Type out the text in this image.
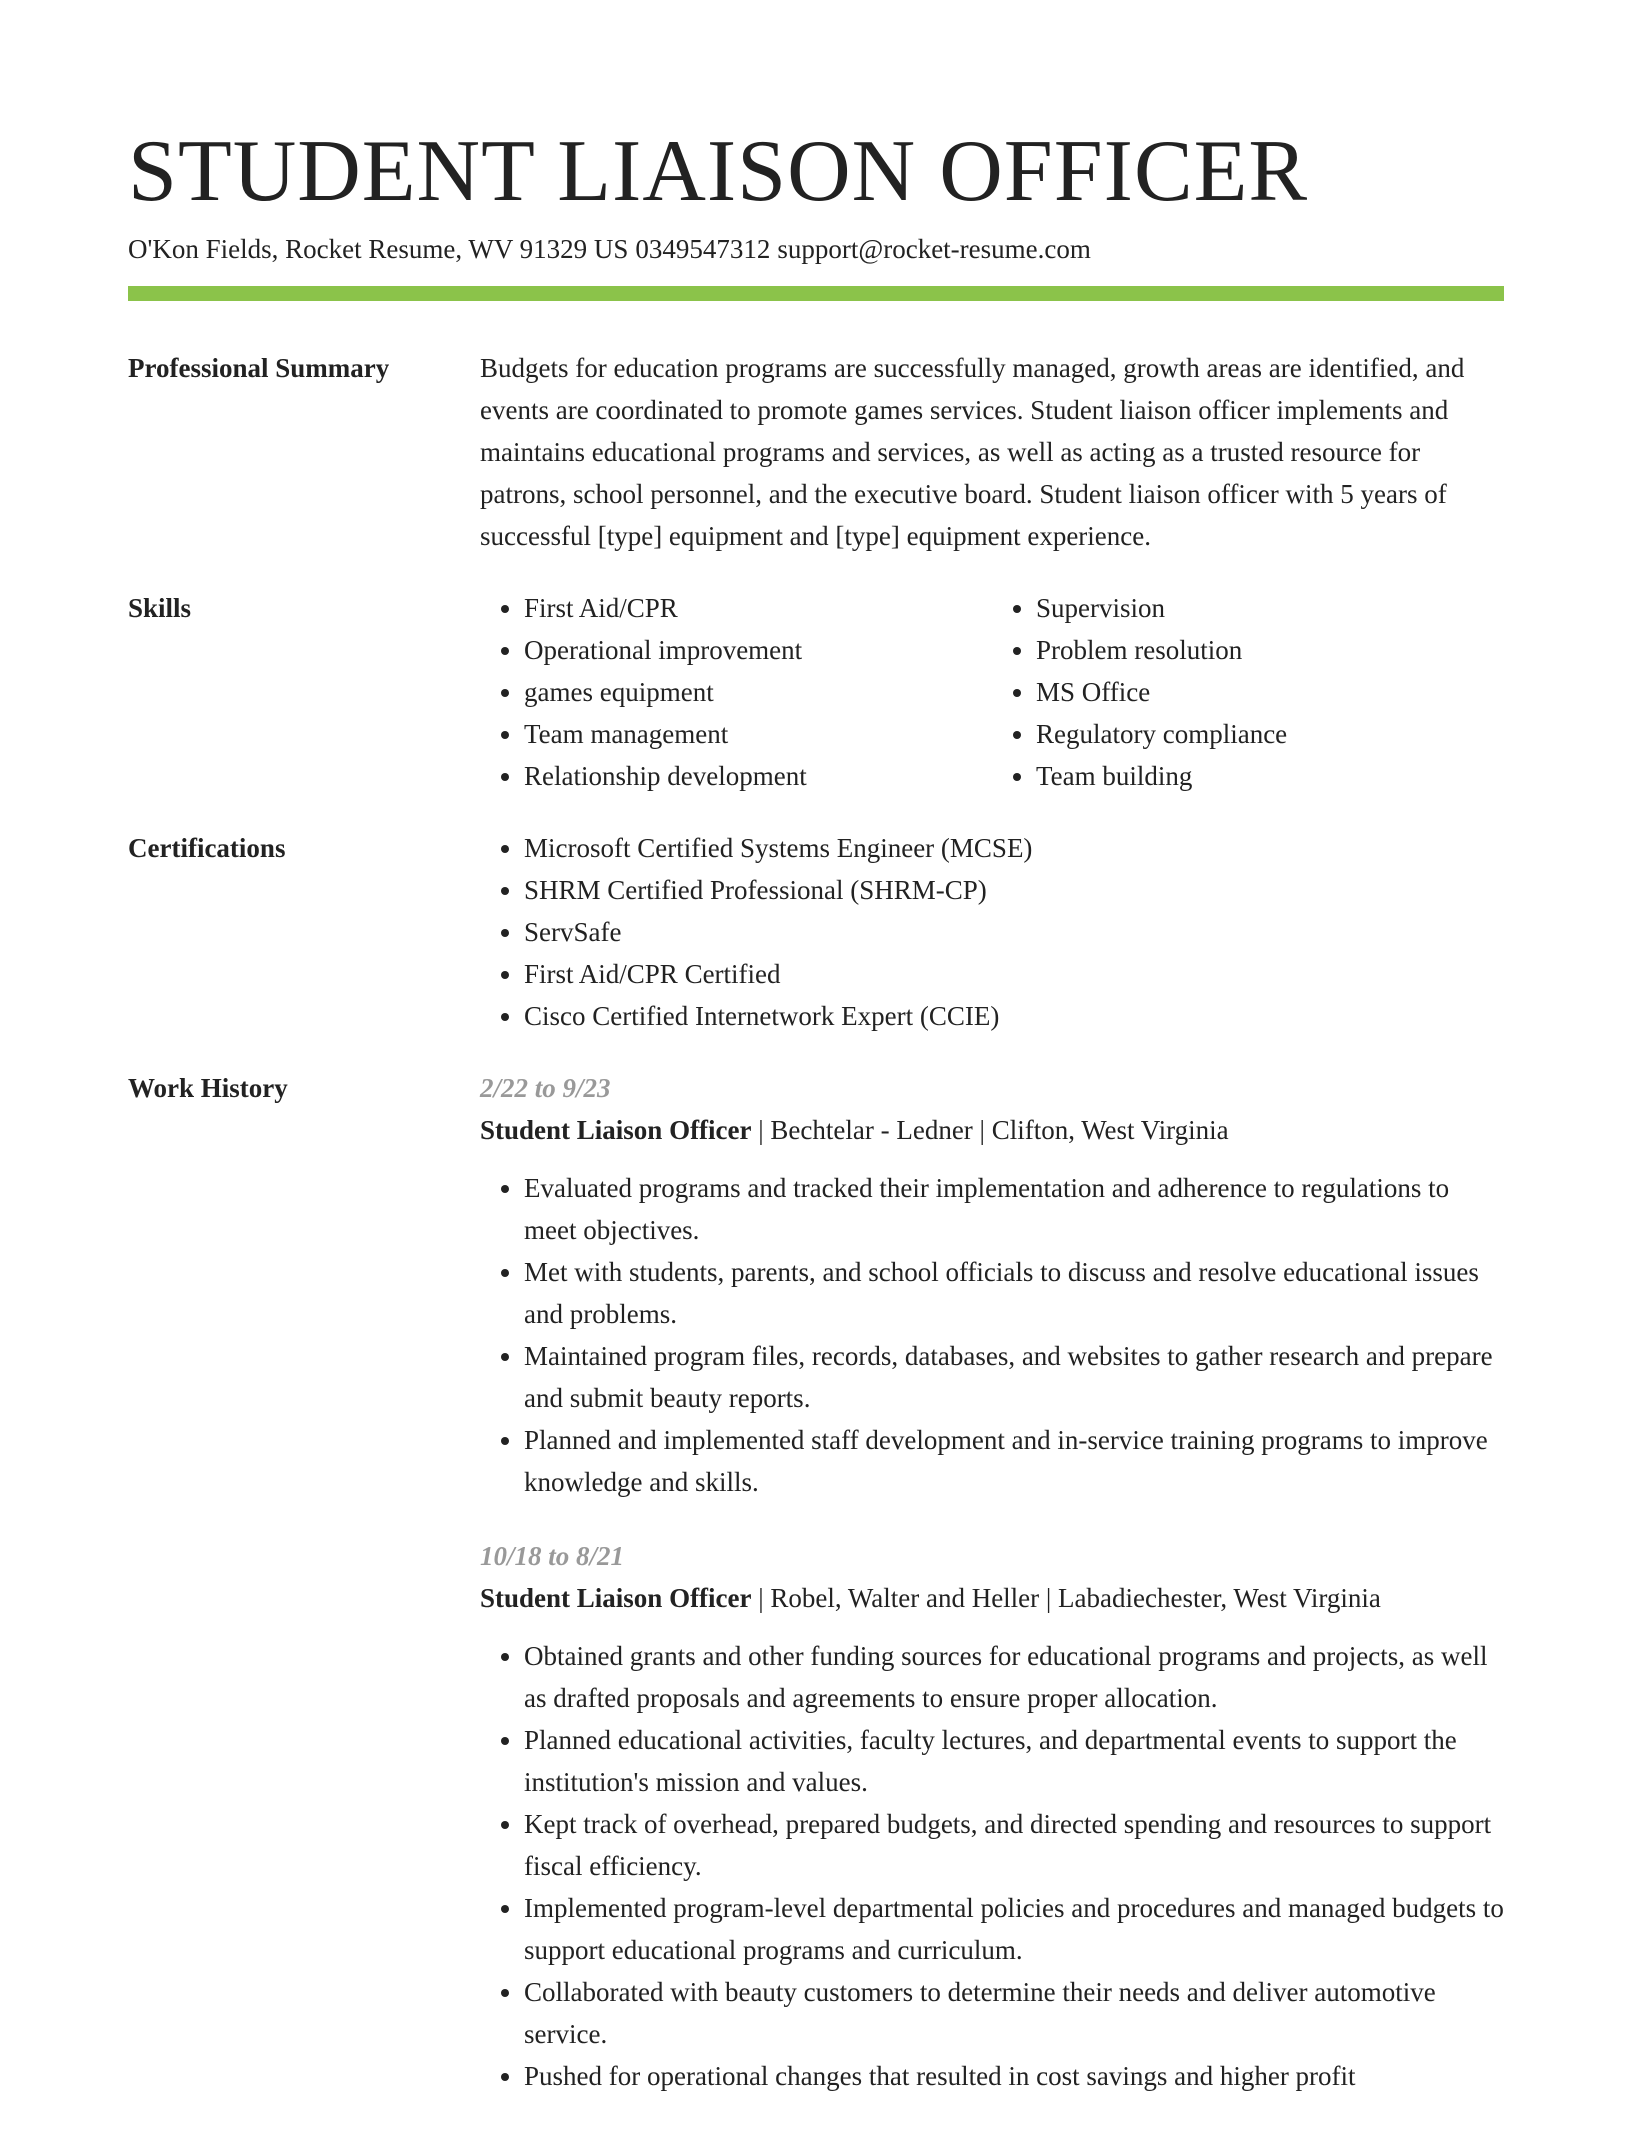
STUDENT LIAISON OFFICER
O'Kon Fields, Rocket Resume, WV 91329 US 0349547312 support@rocket-resume.com
Professional Summary	Budgets for education programs are successfully managed, growth areas are identified, and events are coordinated to promote games services. Student liaison officer implements and maintains educational programs and services, as well as acting as a trusted resource for patrons, school personnel, and the executive board. Student liaison officer with 5 years of successful [type] equipment and [type] equipment experience.

Skills	• First Aid/CPR
• Operational improvement
• games equipment
• Team management
• Relationship development
• Supervision
• Problem resolution
• MS Office
• Regulatory compliance
• Team building
Certifications	• Microsoft Certified Systems Engineer (MCSE)
• SHRM Certified Professional (SHRM-CP)
• ServSafe
• First Aid/CPR Certified
• Cisco Certified Internetwork Expert (CCIE)
Work History	2/22 to 9/23
Student Liaison Officer | Bechtelar - Ledner | Clifton, West Virginia
• Evaluated programs and tracked their implementation and adherence to regulations to meet objectives.
• Met with students, parents, and school officials to discuss and resolve educational issues and problems.
• Maintained program files, records, databases, and websites to gather research and prepare and submit beauty reports.
• Planned and implemented staff development and in-service training programs to improve knowledge and skills.
10/18 to 8/21
Student Liaison Officer | Robel, Walter and Heller | Labadiechester, West Virginia
• Obtained grants and other funding sources for educational programs and projects, as well as drafted proposals and agreements to ensure proper allocation.
• Planned educational activities, faculty lectures, and departmental events to support the institution's mission and values.
• Kept track of overhead, prepared budgets, and directed spending and resources to support fiscal efficiency.
• Implemented program-level departmental policies and procedures and managed budgets to support educational programs and curriculum.
• Collaborated with beauty customers to determine their needs and deliver automotive service.
• Pushed for operational changes that resulted in cost savings and higher profit
